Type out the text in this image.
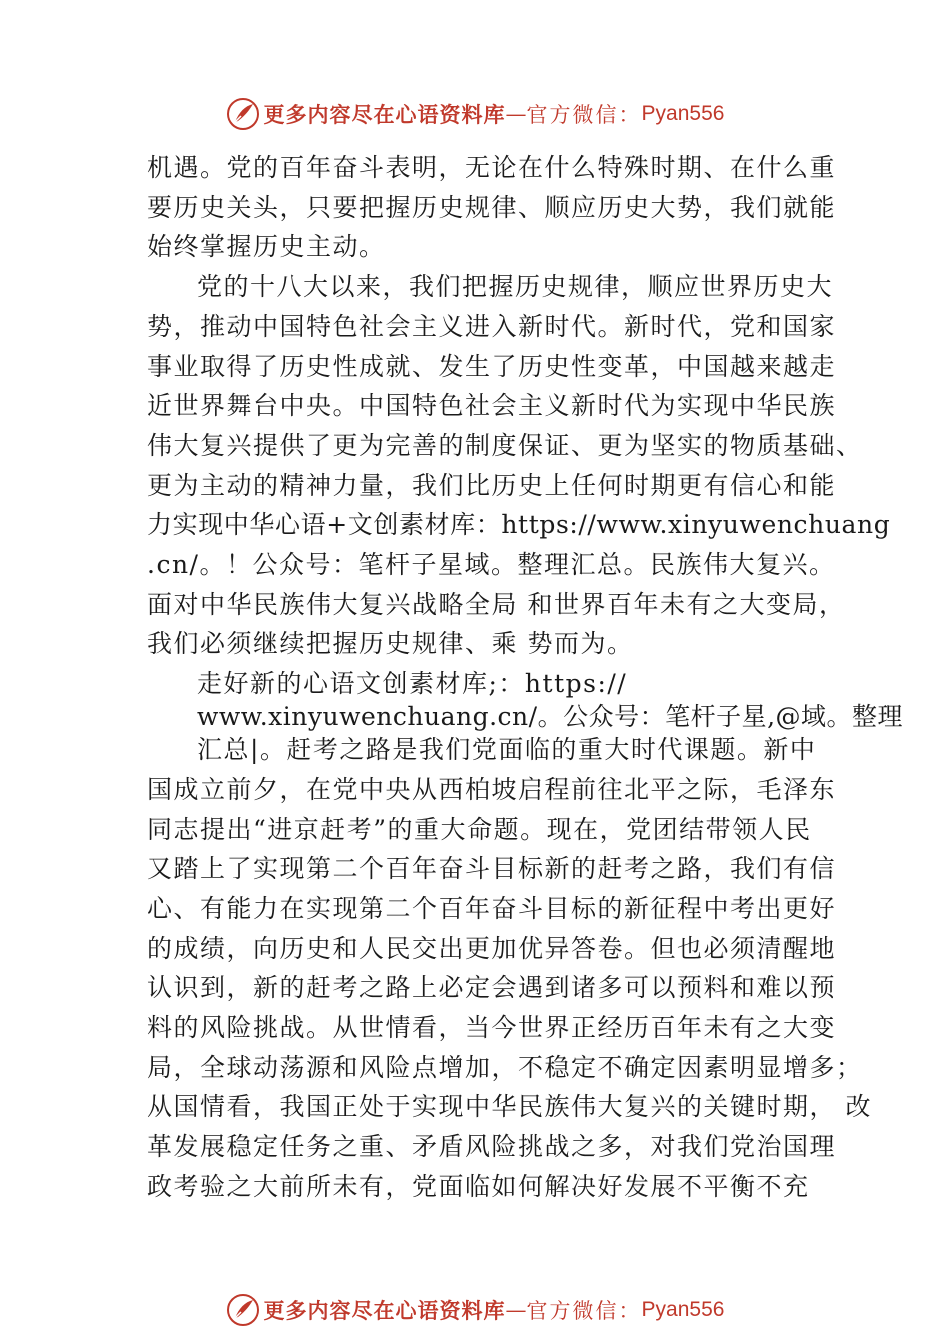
更多内容尽在心语资料库 — 官方微信： Pyan556
机遇。党的百年奋斗表明，无论在什么特殊时期、在什么重
要历史关头，只要把握历史规律、顺应历史大势，我们就能
始终掌握历史主动。
党的十八大以来，我们把握历史规律，顺应世界历史大
势，推动中国特色社会主义进入新时代。新时代，党和国家
事业取得了历史性成就、发生了历史性变革，中国越来越走
近世界舞台中央。中国特色社会主义新时代为实现中华民族
伟大复兴提供了更为完善的制度保证、更为坚实的物质基础、
更为主动的精神力量，我们比历史上任何时期更有信心和能
力实现中华心语+文创素材库：https://www.xinyuwenchuang
.cn/。！公众号：笔杆子星域。整理汇总。民族伟大复兴。
面对中华民族伟大复兴战略全局 和世界百年未有之大变局，
我们必须继续把握历史规律、乘 势而为。
走好新的心语文创素材库;：https://
www.xinyuwenchuang.cn/。公众号：笔杆子星,@域。整理
汇总|。赶考之路是我们党面临的重大时代课题。新中
国成立前夕，在党中央从西柏坡启程前往北平之际，毛泽东
同志提出“进京赶考”的重大命题。现在，党团结带领人民
又踏上了实现第二个百年奋斗目标新的赶考之路，我们有信
心、有能力在实现第二个百年奋斗目标的新征程中考出更好
的成绩，向历史和人民交出更加优异答卷。但也必须清醒地
认识到，新的赶考之路上必定会遇到诸多可以预料和难以预
料的风险挑战。从世情看，当今世界正经历百年未有之大变
局，全球动荡源和风险点增加，不稳定不确定因素明显增多；
从国情看，我国正处于实现中华民族伟大复兴的关键时期， 改
革发展稳定任务之重、矛盾风险挑战之多，对我们党治国理
政考验之大前所未有，党面临如何解决好发展不平衡不充
更多内容尽在心语资料库 — 官方微信： Pyan556
